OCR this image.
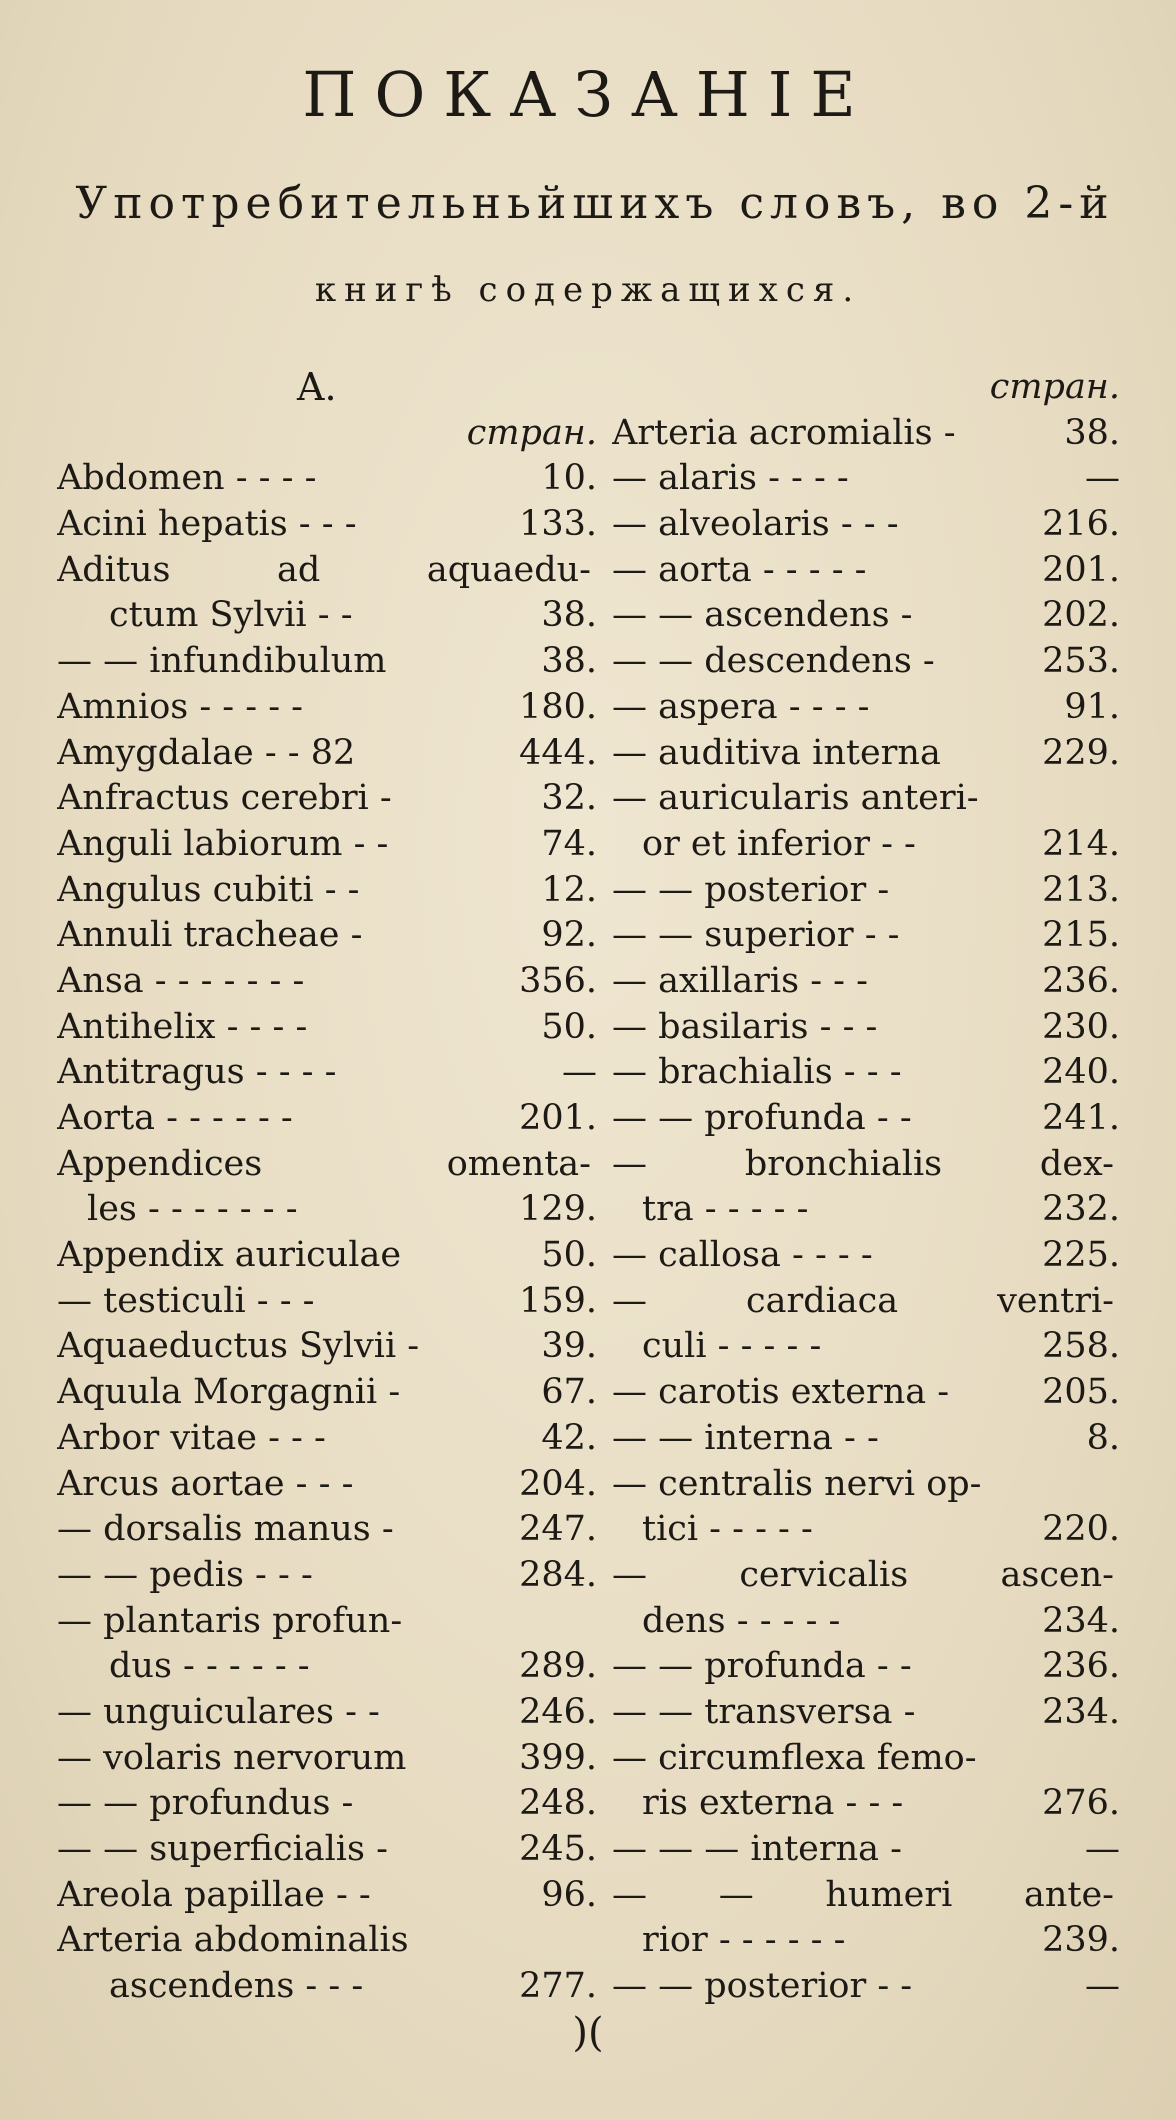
ПОКАЗАНІЕ
Употребительньйшихъ словъ, во 2-й
книгѣ содержащихся.
A.
стран.
Abdomen - - - -	10.
Acini hepatis - - -	133.
Aditus ad aquaedu-
ctum Sylvii - -	38.
— — infundibulum	38.
Amnios - - - - -	180.
Amygdalae - - 82	444.
Anfractus cerebri -	32.
Anguli labiorum - -	74.
Angulus cubiti - -	12.
Annuli tracheae -	92.
Ansa - - - - - - -	356.
Antihelix - - - -	50.
Antitragus - - - -	—
Aorta - - - - - -	201.
Appendices omenta-
les - - - - - - -	129.
Appendix auriculae	50.
— testiculi - - -	159.
Aquaeductus Sylvii -	39.
Aquula Morgagnii -	67.
Arbor vitae - - -	42.
Arcus aortae - - -	204.
— dorsalis manus -	247.
— — pedis - - -	284.
— plantaris profun-
dus - - - - - -	289.
— unguiculares - -	246.
— volaris nervorum	399.
— — profundus -	248.
— — superficialis -	245.
Areola papillae - -	96.
Arteria abdominalis
ascendens - - -	277.
стран.
Arteria acromialis -	38.
— alaris - - - -	—
— alveolaris - - -	216.
— aorta - - - - -	201.
— — ascendens -	202.
— — descendens -	253.
— aspera - - - -	91.
— auditiva interna	229.
— auricularis anteri-
or et inferior - -	214.
— — posterior -	213.
— — superior - -	215.
— axillaris - - -	236.
— basilaris - - -	230.
— brachialis - - -	240.
— — profunda - -	241.
— bronchialis dex-
tra - - - - -	232.
— callosa - - - -	225.
— cardiaca ventri-
culi - - - - -	258.
— carotis externa -	205.
— — interna - -	8.
— centralis nervi op-
tici - - - - -	220.
— cervicalis ascen-
dens - - - - -	234.
— — profunda - -	236.
— — transversa -	234.
— circumflexa femo-
ris externa - - -	276.
— — — interna -	—
— — humeri ante-
rior - - - - - -	239.
— — posterior - -	—
)(
